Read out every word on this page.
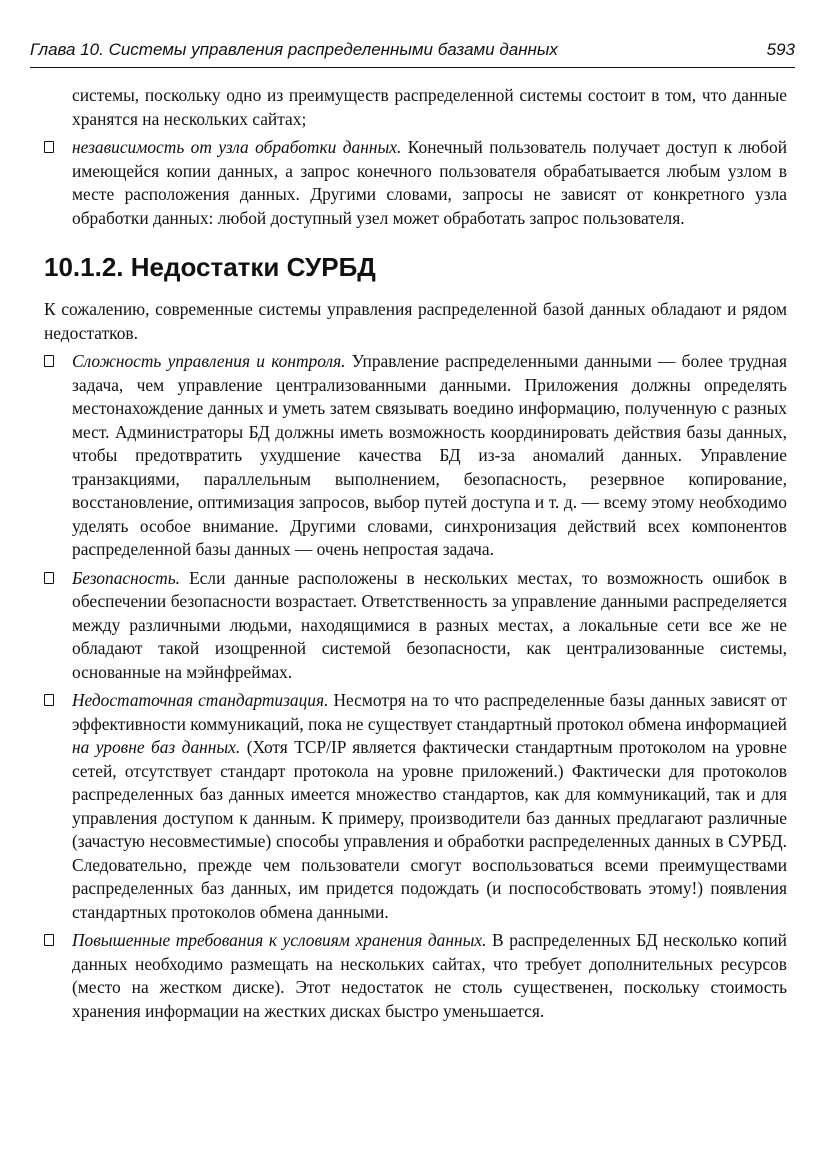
Глава 10. Системы управления распределенными базами данных	593

системы, поскольку одно из преимуществ распределенной системы состоит в том, что данные хранятся на нескольких сайтах;

независимость от узла обработки данных. Конечный пользователь получает доступ к любой имеющейся копии данных, а запрос конечного пользователя обрабатывается любым узлом в месте расположения данных. Другими словами, запросы не зависят от конкретного узла обработки данных: любой доступный узел может обработать запрос пользователя.
10.1.2. Недостатки СУРБД

К сожалению, современные системы управления распределенной базой данных обладают и рядом недостатков.

Сложность управления и контроля. Управление распределенными данными — более трудная задача, чем управление централизованными данными. Приложения должны определять местонахождение данных и уметь затем связывать воедино информацию, полученную с разных мест. Администраторы БД должны иметь возможность координировать действия базы данных, чтобы предотвратить ухудшение качества БД из-за аномалий данных. Управление транзакциями, параллельным выполнением, безопасность, резервное копирование, восстановление, оптимизация запросов, выбор путей доступа и т. д. — всему этому необходимо уделять особое внимание. Другими словами, синхронизация действий всех компонентов распределенной базы данных — очень непростая задача.
Безопасность. Если данные расположены в нескольких местах, то возможность ошибок в обеспечении безопасности возрастает. Ответственность за управление данными распределяется между различными людьми, находящимися в разных местах, а локальные сети все же не обладают такой изощренной системой безопасности, как централизованные системы, основанные на мэйнфреймах.
Недостаточная стандартизация. Несмотря на то что распределенные базы данных зависят от эффективности коммуникаций, пока не существует стандартный протокол обмена информацией на уровне баз данных. (Хотя TCP/IP является фактически стандартным протоколом на уровне сетей, отсутствует стандарт протокола на уровне приложений.) Фактически для протоколов распределенных баз данных имеется множество стандартов, как для коммуникаций, так и для управления доступом к данным. К примеру, производители баз данных предлагают различные (зачастую несовместимые) способы управления и обработки распределенных данных в СУРБД. Следовательно, прежде чем пользователи смогут воспользоваться всеми преимуществами распределенных баз данных, им придется подождать (и поспособствовать этому!) появления стандартных протоколов обмена данными.
Повышенные требования к условиям хранения данных. В распределенных БД несколько копий данных необходимо размещать на нескольких сайтах, что требует дополнительных ресурсов (место на жестком диске). Этот недостаток не столь существенен, поскольку стоимость хранения информации на жестких дисках быстро уменьшается.
